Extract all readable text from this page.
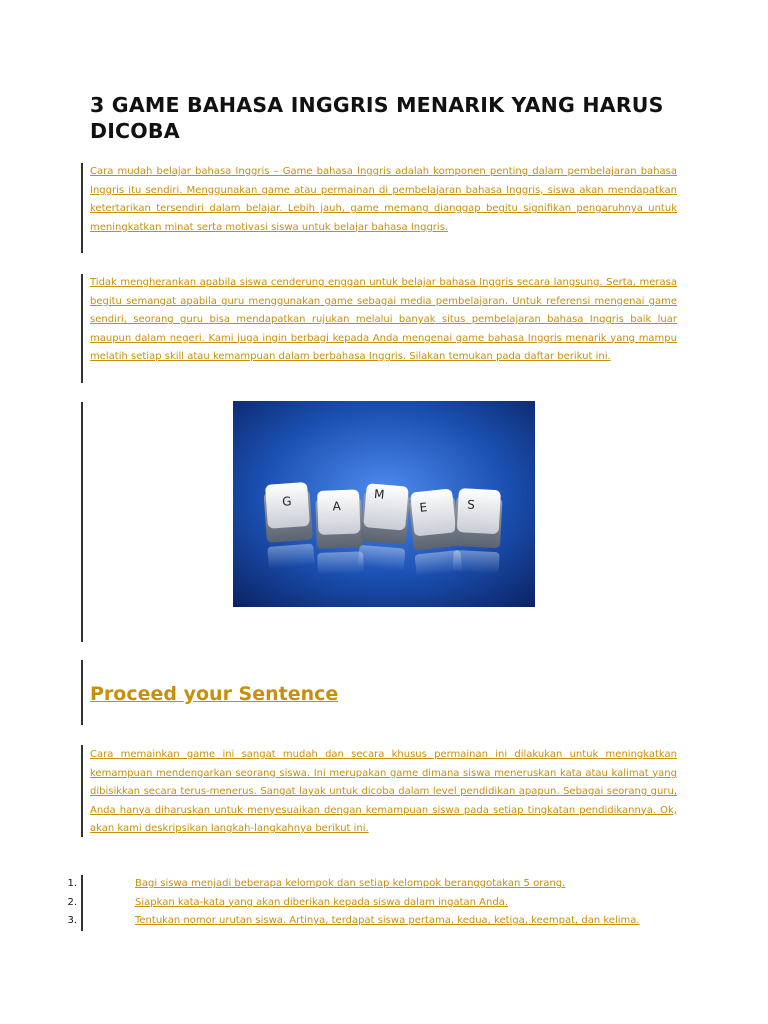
3 GAME BAHASA INGGRIS MENARIK YANG HARUS DICOBA

Cara mudah belajar bahasa Inggris – Game bahasa Inggris adalah komponen penting dalam pembelajaran bahasa Inggris itu sendiri. Menggunakan game atau permainan di pembelajaran bahasa Inggris, siswa akan mendapatkan ketertarikan tersendiri dalam belajar. Lebih jauh, game memang dianggap begitu signifikan pengaruhnya untuk meningkatkan minat serta motivasi siswa untuk belajar bahasa Inggris.

Tidak mengherankan apabila siswa cenderung enggan untuk belajar bahasa Inggris secara langsung. Serta, merasa begitu semangat apabila guru menggunakan game sebagai media pembelajaran. Untuk referensi mengenai game sendiri, seorang guru bisa mendapatkan rujukan melalui banyak situs pembelajaran bahasa Inggris baik luar maupun dalam negeri. Kami juga ingin berbagi kepada Anda mengenai game bahasa Inggris menarik yang mampu melatih setiap skill atau kemampuan dalam berbahasa Inggris. Silakan temukan pada daftar berikut ini.

G	A
M
E	S
Proceed your Sentence

Cara memainkan game ini sangat mudah dan secara khusus permainan ini dilakukan untuk meningkatkan kemampuan mendengarkan seorang siswa. Ini merupakan game dimana siswa meneruskan kata atau kalimat yang dibisikkan secara terus-menerus. Sangat layak untuk dicoba dalam level pendidikan apapun. Sebagai seorang guru, Anda hanya diharuskan untuk menyesuaikan dengan kemampuan siswa pada setiap tingkatan pendidikannya. Ok, akan kami deskripsikan langkah-langkahnya berikut ini.

1.	Bagi siswa menjadi beberapa kelompok dan setiap kelompok beranggotakan 5 orang.
2.	Siapkan kata-kata yang akan diberikan kepada siswa dalam ingatan Anda.
3.	Tentukan nomor urutan siswa. Artinya, terdapat siswa pertama, kedua, ketiga, keempat, dan kelima.
